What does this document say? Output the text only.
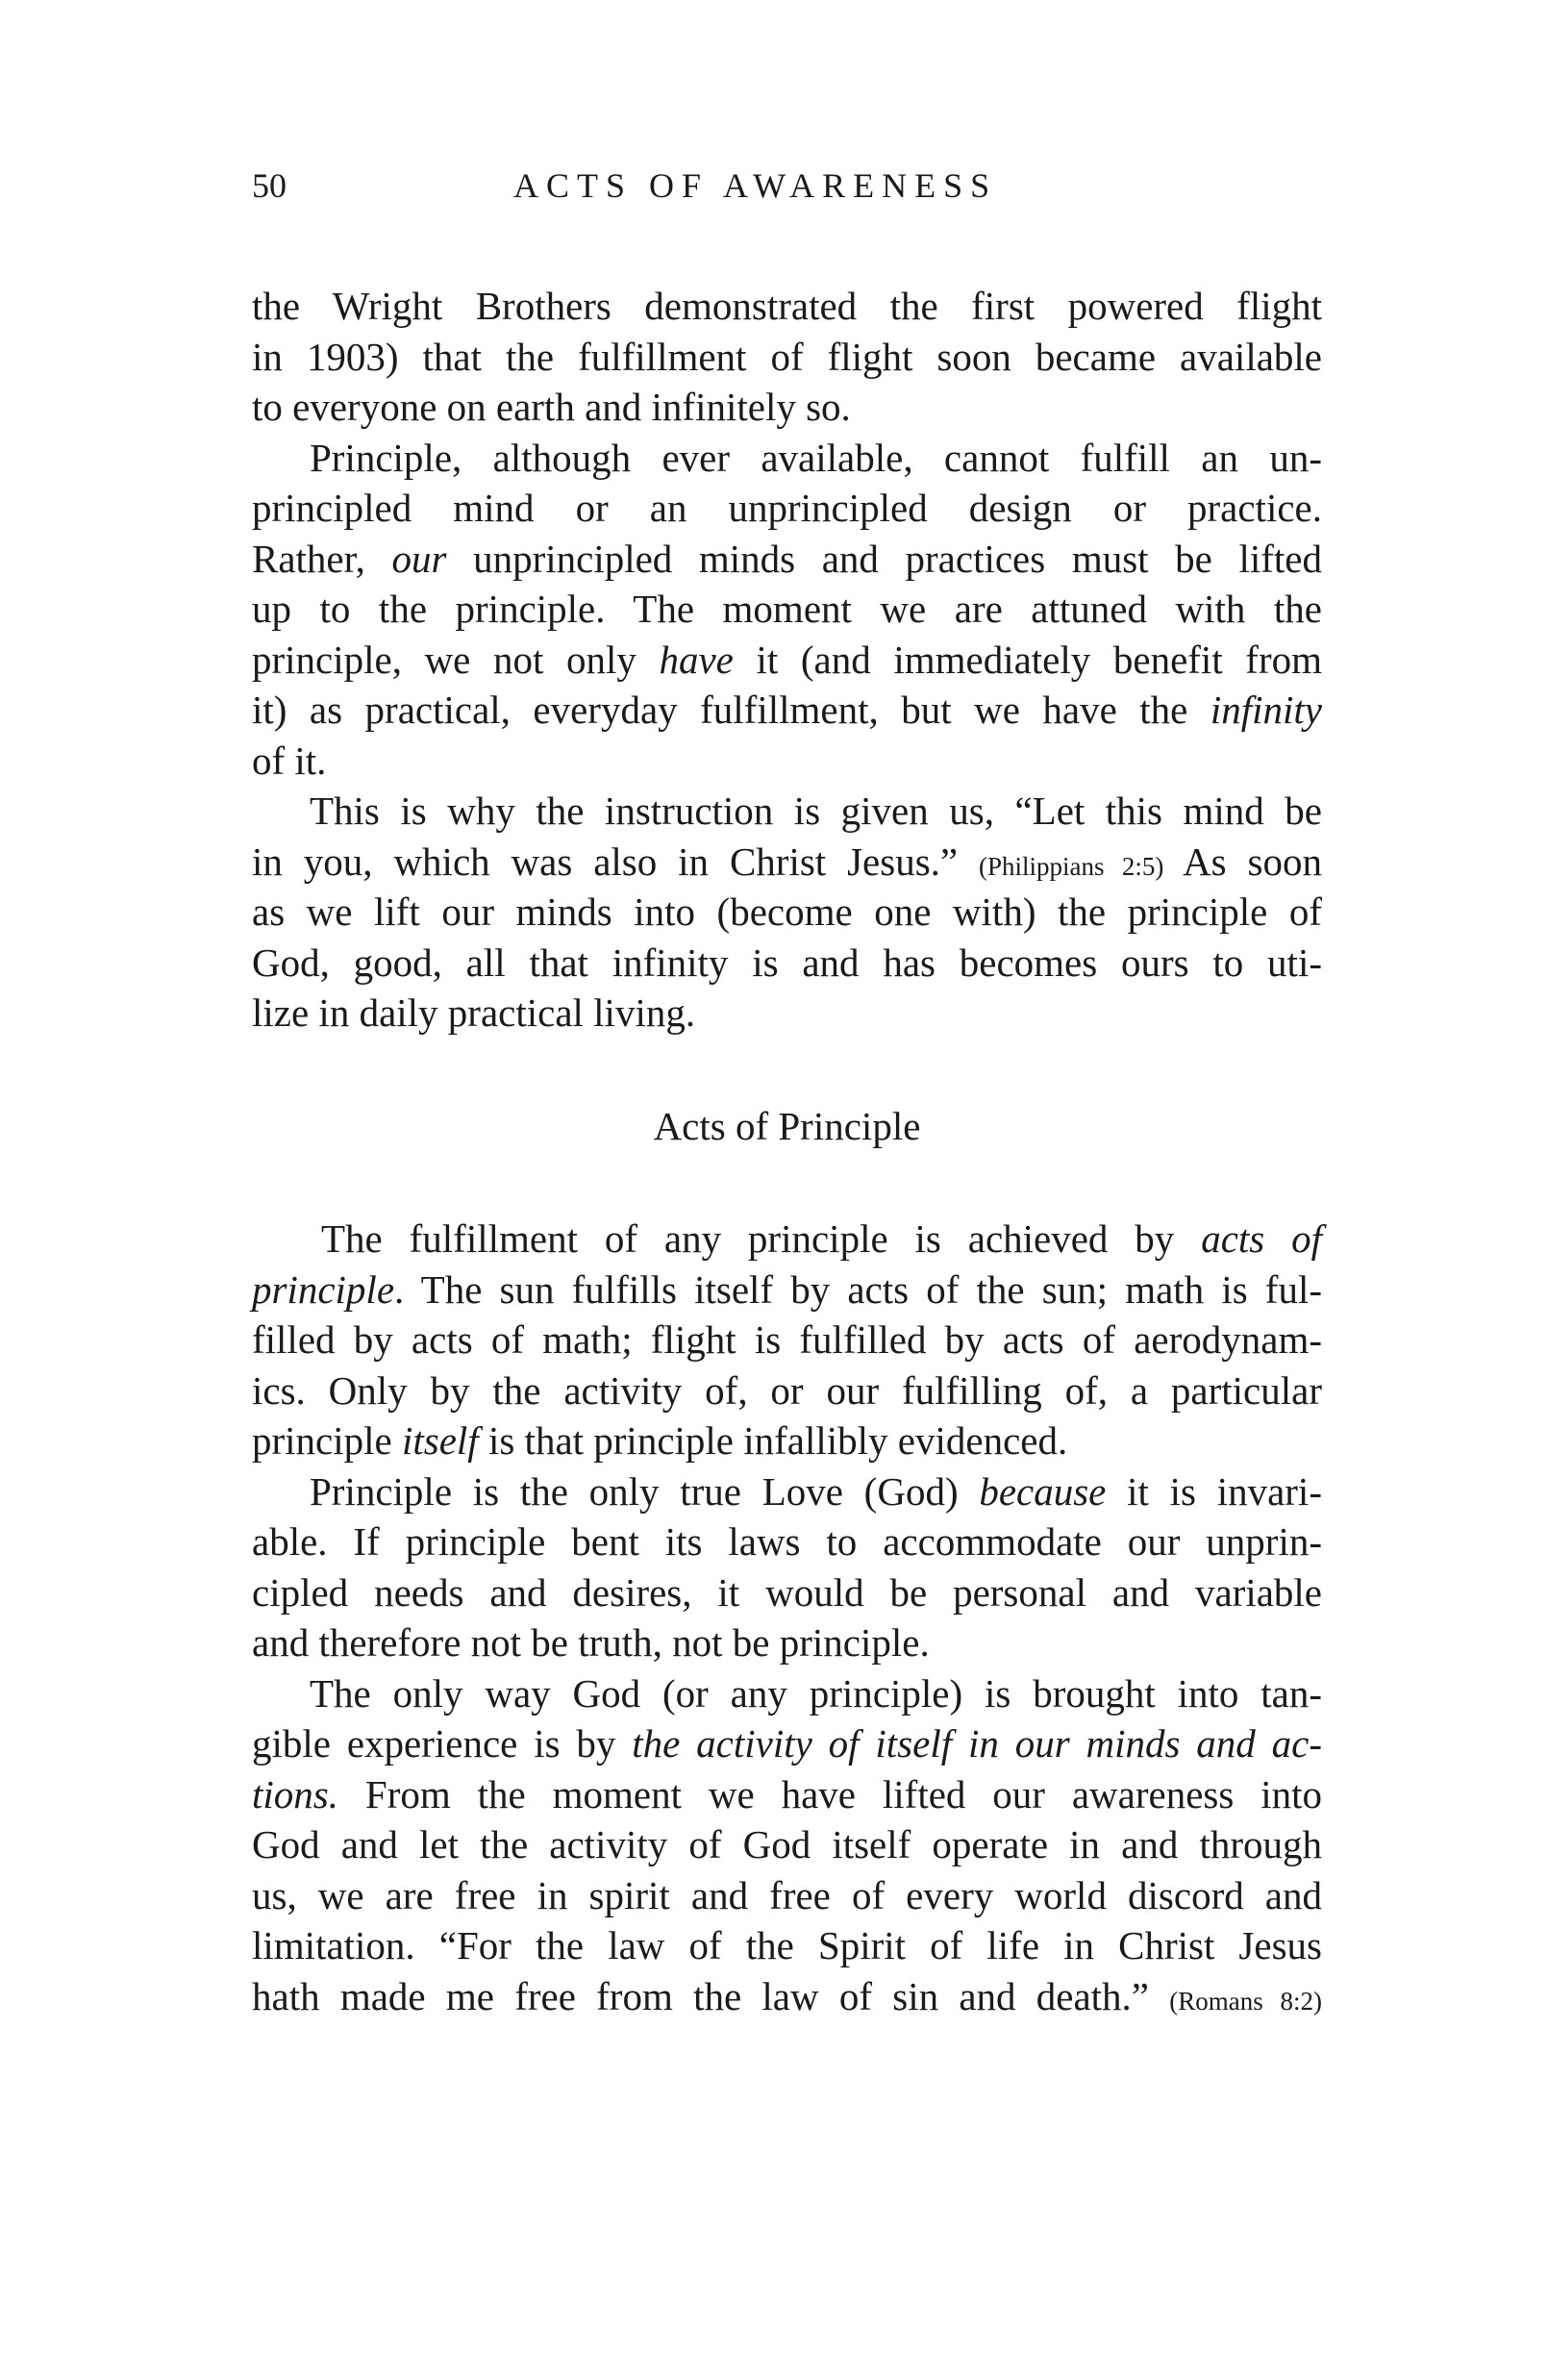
50	ACTS OF AWARENESS
the Wright Brothers demonstrated the first powered flight
in 1903) that the fulfillment of flight soon became available
to everyone on earth and infinitely so.
Principle, although ever available, cannot fulfill an un-
principled mind or an unprincipled design or practice.
Rather, our unprincipled minds and practices must be lifted
up to the principle. The moment we are attuned with the
principle, we not only have it (and immediately benefit from
it) as practical, everyday fulfillment, but we have the infinity
of it.
This is why the instruction is given us, “Let this mind be
in you, which was also in Christ Jesus.” (Philippians 2:5) As soon
as we lift our minds into (become one with) the principle of
God, good, all that infinity is and has becomes ours to uti-
lize in daily practical living.
Acts of Principle
The fulfillment of any principle is achieved by acts of
principle. The sun fulfills itself by acts of the sun; math is ful-
filled by acts of math; flight is fulfilled by acts of aerodynam-
ics. Only by the activity of, or our fulfilling of, a particular
principle itself is that principle infallibly evidenced.
Principle is the only true Love (God) because it is invari-
able. If principle bent its laws to accommodate our unprin-
cipled needs and desires, it would be personal and variable
and therefore not be truth, not be principle.
The only way God (or any principle) is brought into tan-
gible experience is by the activity of itself in our minds and ac-
tions. From the moment we have lifted our awareness into
God and let the activity of God itself operate in and through
us, we are free in spirit and free of every world discord and
limitation. “For the law of the Spirit of life in Christ Jesus
hath made me free from the law of sin and death.” (Romans 8:2)
